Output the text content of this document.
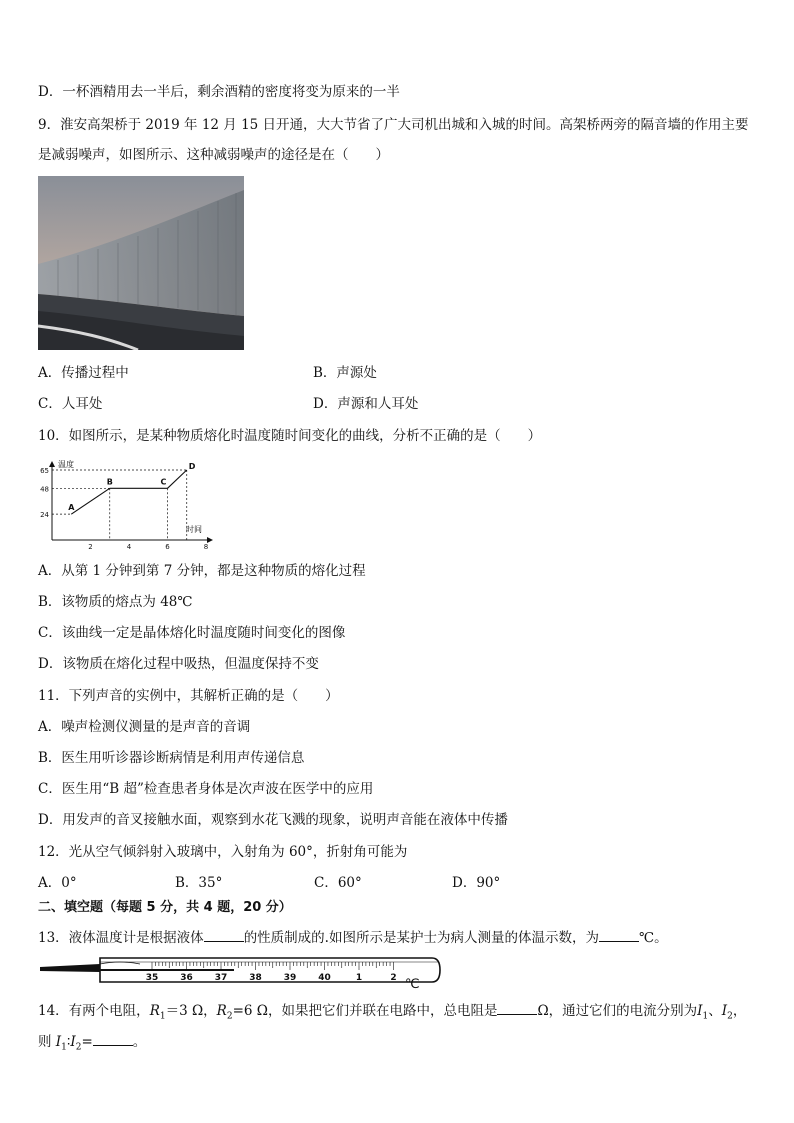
D．一杯酒精用去一半后，剩余酒精的密度将变为原来的一半
9．淮安高架桥于 2019 年 12 月 15 日开通，大大节省了广大司机出城和入城的时间。高架桥两旁的隔音墙的作用主要
是减弱噪声，如图所示、这种减弱噪声的途径是在（　　）
A．传播过程中	B．声源处
C．人耳处	D．声源和人耳处
10．如图所示，是某种物质熔化时温度随时间变化的曲线，分析不正确的是（　　）
温度
时间
24
48
65
2	4	6	8
A
B	C
D
A．从第 1 分钟到第 7 分钟，都是这种物质的熔化过程
B．该物质的熔点为 48℃
C．该曲线一定是晶体熔化时温度随时间变化的图像
D．该物质在熔化过程中吸热，但温度保持不变
11．下列声音的实例中，其解析正确的是（　　）
A．噪声检测仪测量的是声音的音调
B．医生用听诊器诊断病情是利用声传递信息
C．医生用“B 超”检查患者身体是次声波在医学中的应用
D．用发声的音叉接触水面，观察到水花飞溅的现象，说明声音能在液体中传播
12．光从空气倾斜射入玻璃中，入射角为 60°，折射角可能为
A．0°	B．35°	C．60°	D．90°
二、填空题（每题 5 分，共 4 题，20 分）
13．液体温度计是根据液体	的性质制成的.如图所示是某护士为病人测量的体温示数，为	℃。
35 36 37 38 39 40	1	2 ℃
14．有两个电阻，$R_1=3$ Ω，$R_2=6$ Ω，如果把它们并联在电路中，总电阻是	Ω，通过它们的电流分别为$I_1$、$I_2$，
则 $I_1∶I_2=$	。
